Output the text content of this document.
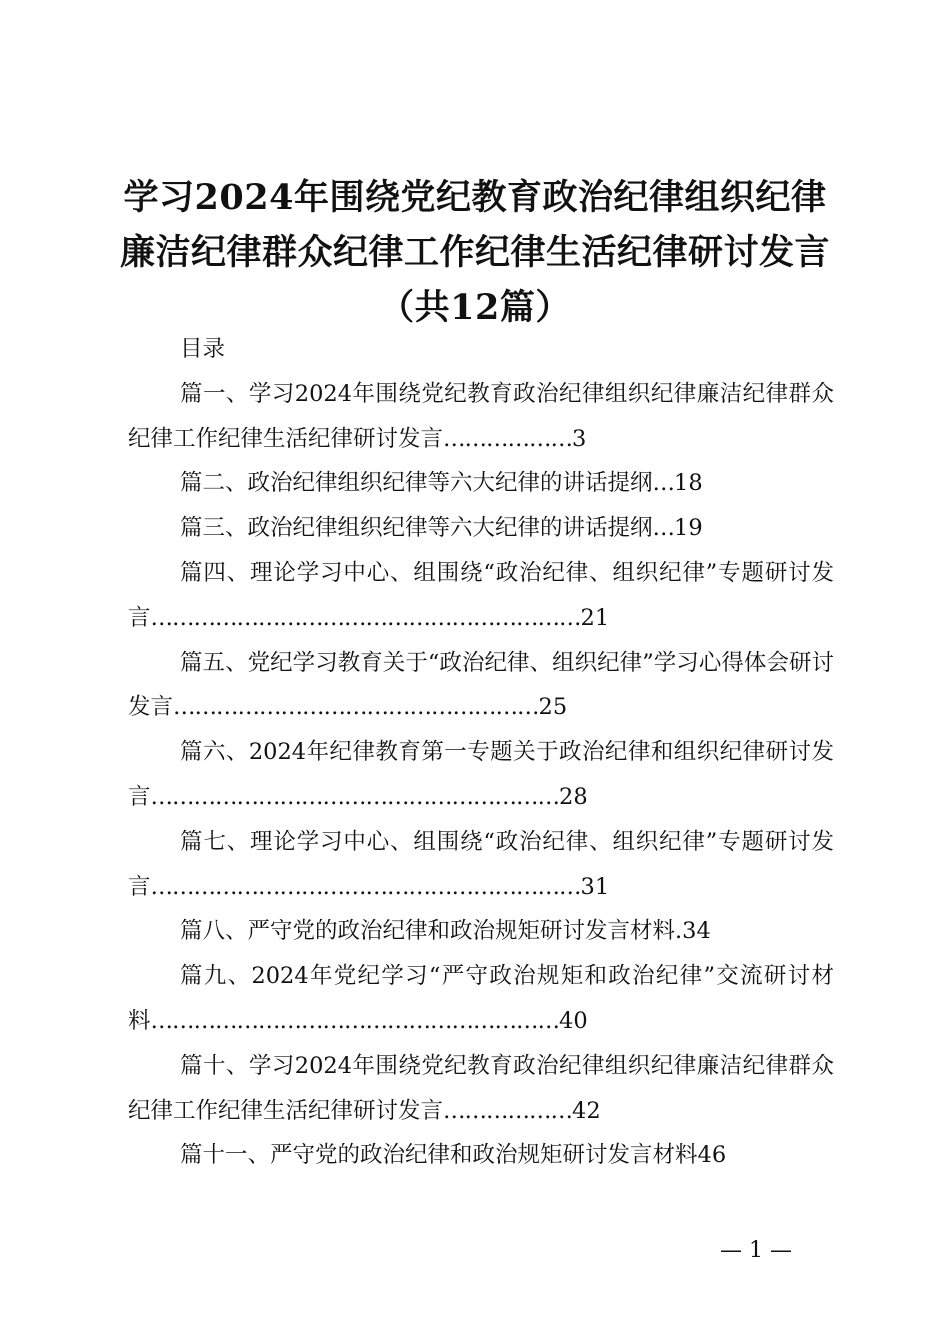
学习2024年围绕党纪教育政治纪律组织纪律
廉洁纪律群众纪律工作纪律生活纪律研讨发言
（共12篇）
目录
篇一、学习2024年围绕党纪教育政治纪律组织纪律廉洁纪律群众纪律工作纪律生活纪律研讨发言………………3
篇二、政治纪律组织纪律等六大纪律的讲话提纲…18
篇三、政治纪律组织纪律等六大纪律的讲话提纲…19
篇四、理论学习中心、组围绕“政治纪律、组织纪律”专题研讨发言……………………………………………………21
篇五、党纪学习教育关于“政治纪律、组织纪律”学习心得体会研讨发言……………………………………………25
篇六、2024年纪律教育第一专题关于政治纪律和组织纪律研讨发言…………………………………………………28
篇七、理论学习中心、组围绕“政治纪律、组织纪律”专题研讨发言……………………………………………………31
篇八、严守党的政治纪律和政治规矩研讨发言材料.34
篇九、2024年党纪学习“严守政治规矩和政治纪律”交流研讨材料…………………………………………………40
篇十、学习2024年围绕党纪教育政治纪律组织纪律廉洁纪律群众纪律工作纪律生活纪律研讨发言………………42
篇十一、严守党的政治纪律和政治规矩研讨发言材料46
— 1 —
